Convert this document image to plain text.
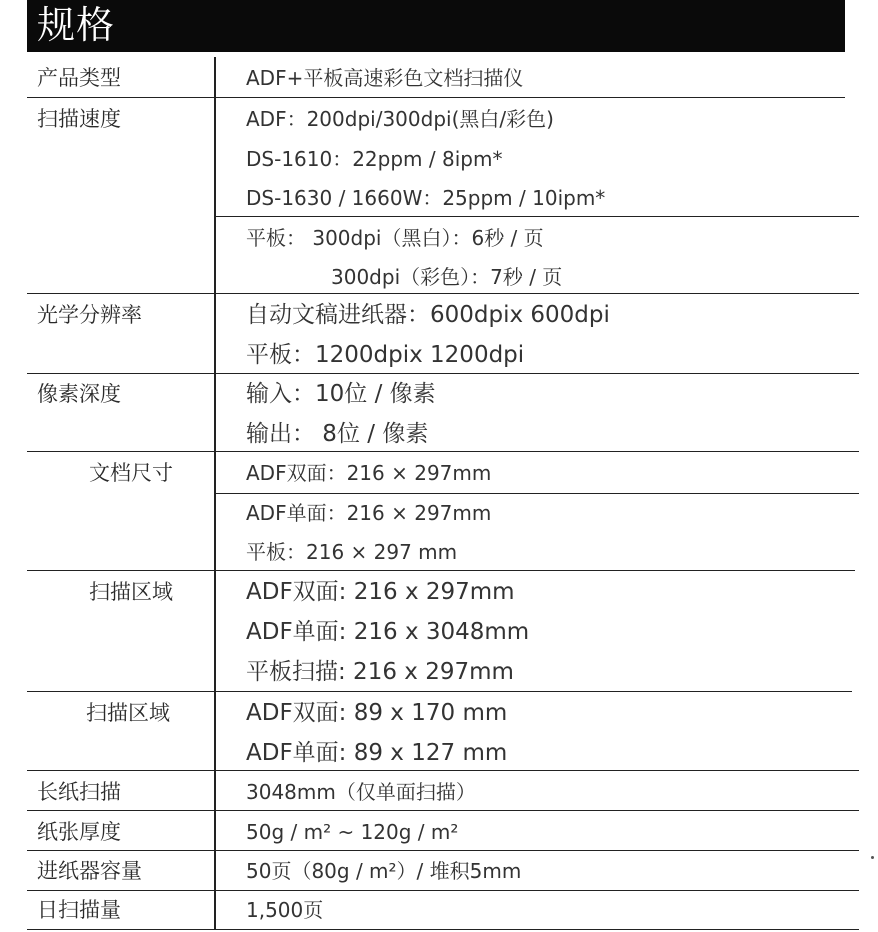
规格
产品类型	ADF+平板高速彩色文档扫描仪
扫描速度	ADF：200dpi/300dpi(黑白/彩色)
DS-1610：22ppm / 8ipm*
DS-1630 / 1660W：25ppm / 10ipm*
平板： 300dpi（黑白）：6秒 / 页
300dpi（彩色）：7秒 / 页
光学分辨率	自动文稿进纸器：600dpix 600dpi
平板：1200dpix 1200dpi
像素深度	输入：10位 / 像素
输出： 8位 / 像素
文档尺寸	ADF双面：216 × 297mm
ADF单面：216 × 297mm
平板：216 × 297 mm
扫描区域	ADF双面: 216 x 297mm
ADF单面: 216 x 3048mm
平板扫描: 216 x 297mm
扫描区域	ADF双面: 89 x 170 mm
ADF单面: 89 x 127 mm
长纸扫描	3048mm（仅单面扫描）
纸张厚度	50g / m² ~ 120g / m²
进纸器容量	50页（80g / m²）/ 堆积5mm
日扫描量	1,500页
